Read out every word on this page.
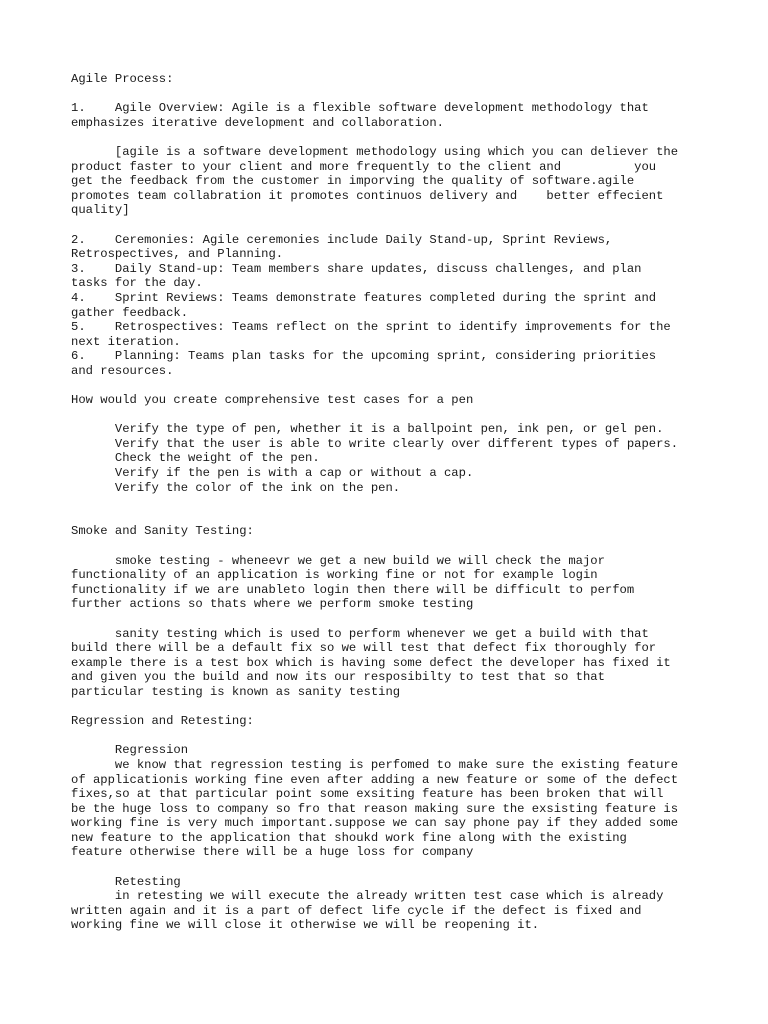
Agile Process:

1.    Agile Overview: Agile is a flexible software development methodology that
emphasizes iterative development and collaboration.

[agile is a software development methodology using which you can deliever the
product faster to your client and more frequently to the client and          you
get the feedback from the customer in imporving the quality of software.agile
promotes team collabration it promotes continuos delivery and    better effecient
quality]

2.    Ceremonies: Agile ceremonies include Daily Stand-up, Sprint Reviews,
Retrospectives, and Planning.
3.    Daily Stand-up: Team members share updates, discuss challenges, and plan
tasks for the day.
4.    Sprint Reviews: Teams demonstrate features completed during the sprint and
gather feedback.
5.    Retrospectives: Teams reflect on the sprint to identify improvements for the
next iteration.
6.    Planning: Teams plan tasks for the upcoming sprint, considering priorities
and resources.

How would you create comprehensive test cases for a pen

Verify the type of pen, whether it is a ballpoint pen, ink pen, or gel pen.
Verify that the user is able to write clearly over different types of papers.
Check the weight of the pen.
Verify if the pen is with a cap or without a cap.
Verify the color of the ink on the pen.

Smoke and Sanity Testing:

smoke testing - wheneevr we get a new build we will check the major
functionality of an application is working fine or not for example login
functionality if we are unableto login then there will be difficult to perfom
further actions so thats where we perform smoke testing

sanity testing which is used to perform whenever we get a build with that
build there will be a default fix so we will test that defect fix thoroughly for
example there is a test box which is having some defect the developer has fixed it
and given you the build and now its our resposibilty to test that so that
particular testing is known as sanity testing

Regression and Retesting:

Regression
we know that regression testing is perfomed to make sure the existing feature
of applicationis working fine even after adding a new feature or some of the defect
fixes,so at that particular point some exsiting feature has been broken that will
be the huge loss to company so fro that reason making sure the exsisting feature is
working fine is very much important.suppose we can say phone pay if they added some
new feature to the application that shoukd work fine along with the existing
feature otherwise there will be a huge loss for company

Retesting
in retesting we will execute the already written test case which is already
written again and it is a part of defect life cycle if the defect is fixed and
working fine we will close it otherwise we will be reopening it.
